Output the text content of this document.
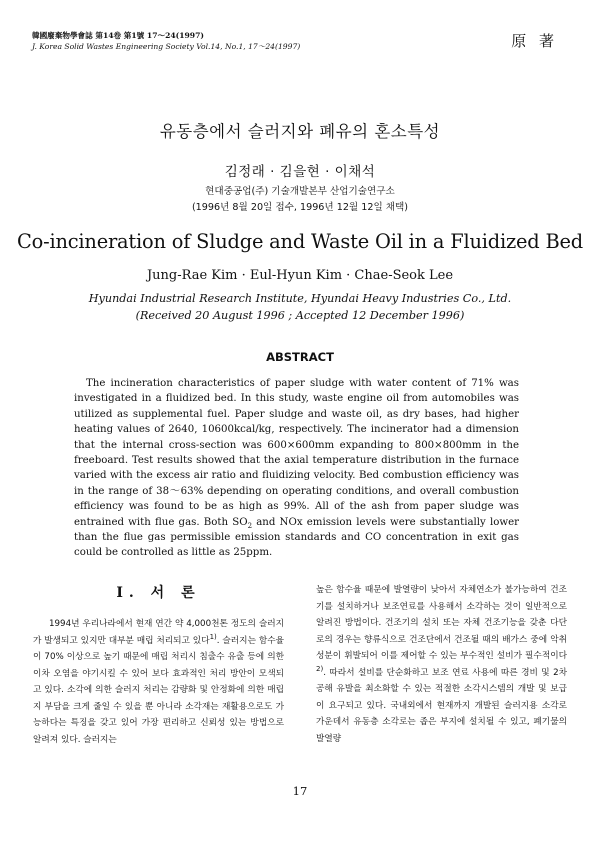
韓國廢棄物學會誌 第14卷 第1號 17～24(1997)
J. Korea Solid Wastes Engineering Society Vol.14, No.1, 17～24(1997)	原 著
유동층에서 슬러지와 폐유의 혼소특성
김정래 · 김을현 · 이채석
현대중공업(주) 기술개발본부 산업기술연구소
(1996년 8월 20일 접수, 1996년 12월 12일 채택)
Co-incineration of Sludge and Waste Oil in a Fluidized Bed
Jung-Rae Kim · Eul-Hyun Kim · Chae-Seok Lee
Hyundai Industrial Research Institute, Hyundai Heavy Industries Co., Ltd.
(Received 20 August 1996 ; Accepted 12 December 1996)
ABSTRACT
The incineration characteristics of paper sludge with water content of 71% was investigated in a fluidized bed. In this study, waste engine oil from automobiles was utilized as supplemental fuel. Paper sludge and waste oil, as dry bases, had higher heating values of 2640, 10600kcal/kg, respectively. The incinerator had a dimension that the internal cross-section was 600×600mm expanding to 800×800mm in the freeboard. Test results showed that the axial temperature distribution in the furnace varied with the excess air ratio and fluidizing velocity. Bed combustion efficiency was in the range of 38～63% depending on operating conditions, and overall combustion efficiency was found to be as high as 99%. All of the ash from paper sludge was entrained with flue gas. Both $SO_2$ and NOx emission levels were substantially lower than the flue gas permissible emission standards and CO concentration in exit gas could be controlled as little as 25ppm.
Ⅰ. 서 론
1994년 우리나라에서 현재 연간 약 4,000천톤 정도의 슬러지가 발생되고 있지만 대부분 매립 처리되고 있다$^{1)}$. 슬러지는 함수율이 70% 이상으로 높기 때문에 매립 처리시 침출수 유출 등에 의한 이차 오염을 야기시킬 수 있어 보다 효과적인 처리 방안이 모색되고 있다. 소각에 의한 슬러지 처리는 감량화 및 안정화에 의한 매립지 부담을 크게 줄일 수 있을 뿐 아니라 소각재는 재활용으로도 가능하다는 특징을 갖고 있어 가장 편리하고 신뢰성 있는 방법으로 알려져 있다. 슬러지는
높은 함수율 때문에 발열량이 낮아서 자체연소가 불가능하여 건조기를 설치하거나 보조연료를 사용해서 소각하는 것이 일반적으로 알려진 방법이다. 건조기의 설치 또는 자체 건조기능을 갖춘 다단로의 경우는 향류식으로 건조단에서 건조될 때의 배가스 중에 악취성분이 휘발되어 이를 제어할 수 있는 부수적인 설비가 필수적이다$^{2)}$. 따라서 설비를 단순화하고 보조 연료 사용에 따른 경비 및 2차 공해 유발을 최소화할 수 있는 적절한 소각시스템의 개발 및 보급이 요구되고 있다. 국내외에서 현재까지 개발된 슬러지용 소각로 가운데서 유동층 소각로는 좁은 부지에 설치될 수 있고, 폐기물의 발열량
17
